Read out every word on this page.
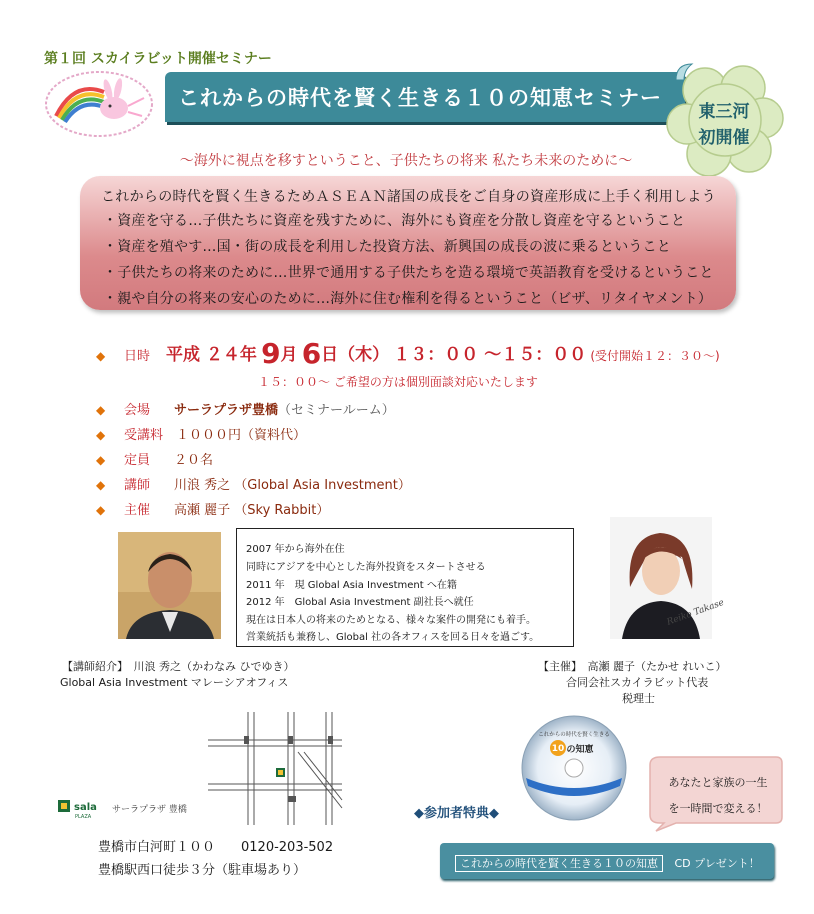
第１回 スカイラビット開催セミナー
これからの時代を賢く生きる１０の知恵セミナー
東三河
初開催
～海外に視点を移すということ、子供たちの将来 私たち未来のために～
これからの時代を賢く生きるためＡＳＥＡＮ諸国の成長をご自身の資産形成に上手く利用しよう
・資産を守る…子供たちに資産を残すために、海外にも資産を分散し資産を守るということ
・資産を殖やす…国・街の成長を利用した投資方法、新興国の成長の波に乗るということ
・子供たちの将来のために…世界で通用する子供たちを造る環境で英語教育を受けるということ
・親や自分の将来の安心のために…海外に住む権利を得るということ（ビザ、リタイヤメント）
◆ 日時 平成 ２４年 9月 6日（木） １３：００ ～１５：００ (受付開始１２：３０～)
１５：００～ ご希望の方は個別面談対応いたします
◆ 会場 サーラプラザ豊橋（セミナールーム）
◆ 受講料 １０００円（資料代）
◆ 定員 ２０名
◆ 講師 川浪 秀之 （Global Asia Investment）
◆ 主催 高瀬 麗子 （Sky Rabbit）
2007 年から海外在住
同時にアジアを中心とした海外投資をスタートさせる
2011 年　現 Global Asia Investment へ在籍
2012 年　Global Asia Investment 副社長へ就任
現在は日本人の将来のためとなる、様々な案件の開発にも着手。
営業統括も兼務し、Global 社の各オフィスを回る日々を過ごす。
Reiko Takase
【講師紹介】　川浪 秀之（かわなみ ひでゆき）
Global Asia Investment マレーシアオフィス
【主催】　高瀬 麗子（たかせ れいこ）
合同会社スカイラビット代表
税理士
sala
PLAZA
サーラプラザ 豊橋
豊橋市白河町１００　　0120-203-502
豊橋駅西口徒歩３分（駐車場あり）
これからの時代を賢く生きる
10 の知恵
◆参加者特典◆
あなたと家族の一生
を一時間で変える！
これからの時代を賢く生きる１０の知恵 CD プレゼント！
